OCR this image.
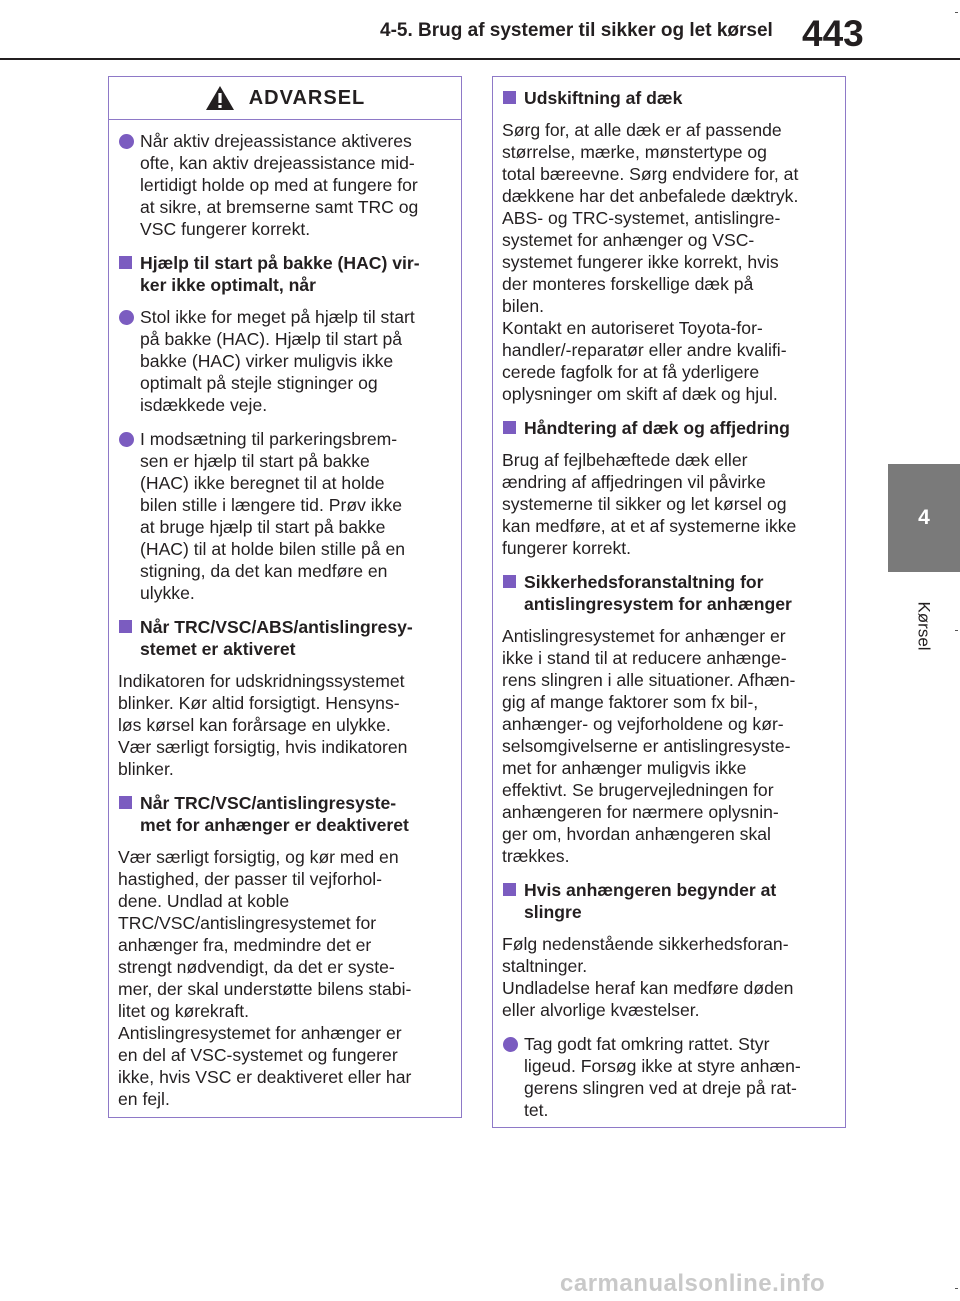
4-5. Brug af systemer til sikker og let kørsel 443
4
Kørsel
ADVARSEL
Når aktiv drejeassistance aktiveres
ofte, kan aktiv drejeassistance mid-
lertidigt holde op med at fungere for
at sikre, at bremserne samt TRC og
VSC fungerer korrekt.
Hjælp til start på bakke (HAC) vir-
ker ikke optimalt, når
Stol ikke for meget på hjælp til start
på bakke (HAC). Hjælp til start på
bakke (HAC) virker muligvis ikke
optimalt på stejle stigninger og
isdækkede veje.
I modsætning til parkeringsbrem-
sen er hjælp til start på bakke
(HAC) ikke beregnet til at holde
bilen stille i længere tid. Prøv ikke
at bruge hjælp til start på bakke
(HAC) til at holde bilen stille på en
stigning, da det kan medføre en
ulykke.
Når TRC/VSC/ABS/antislingresy-
stemet er aktiveret
Indikatoren for udskridningssystemet
blinker. Kør altid forsigtigt. Hensyns-
løs kørsel kan forårsage en ulykke.
Vær særligt forsigtig, hvis indikatoren
blinker.
Når TRC/VSC/antislingresyste-
met for anhænger er deaktiveret
Vær særligt forsigtig, og kør med en
hastighed, der passer til vejforhol-
dene. Undlad at koble
TRC/VSC/antislingresystemet for
anhænger fra, medmindre det er
strengt nødvendigt, da det er syste-
mer, der skal understøtte bilens stabi-
litet og kørekraft.
Antislingresystemet for anhænger er
en del af VSC-systemet og fungerer
ikke, hvis VSC er deaktiveret eller har
en fejl.
Udskiftning af dæk
Sørg for, at alle dæk er af passende
størrelse, mærke, mønstertype og
total bæreevne. Sørg endvidere for, at
dækkene har det anbefalede dæktryk.
ABS- og TRC-systemet, antislingre-
systemet for anhænger og VSC-
systemet fungerer ikke korrekt, hvis
der monteres forskellige dæk på
bilen.
Kontakt en autoriseret Toyota-for-
handler/-reparatør eller andre kvalifi-
cerede fagfolk for at få yderligere
oplysninger om skift af dæk og hjul.
Håndtering af dæk og affjedring
Brug af fejlbehæftede dæk eller
ændring af affjedringen vil påvirke
systemerne til sikker og let kørsel og
kan medføre, at et af systemerne ikke
fungerer korrekt.
Sikkerhedsforanstaltning for
antislingresystem for anhænger
Antislingresystemet for anhænger er
ikke i stand til at reducere anhænge-
rens slingren i alle situationer. Afhæn-
gig af mange faktorer som fx bil-,
anhænger- og vejforholdene og kør-
selsomgivelserne er antislingresyste-
met for anhænger muligvis ikke
effektivt. Se brugervejledningen for
anhængeren for nærmere oplysnin-
ger om, hvordan anhængeren skal
trækkes.
Hvis anhængeren begynder at
slingre
Følg nedenstående sikkerhedsforan-
staltninger.
Undladelse heraf kan medføre døden
eller alvorlige kvæstelser.
Tag godt fat omkring rattet. Styr
ligeud. Forsøg ikke at styre anhæn-
gerens slingren ved at dreje på rat-
tet.
carmanualsonline.info
